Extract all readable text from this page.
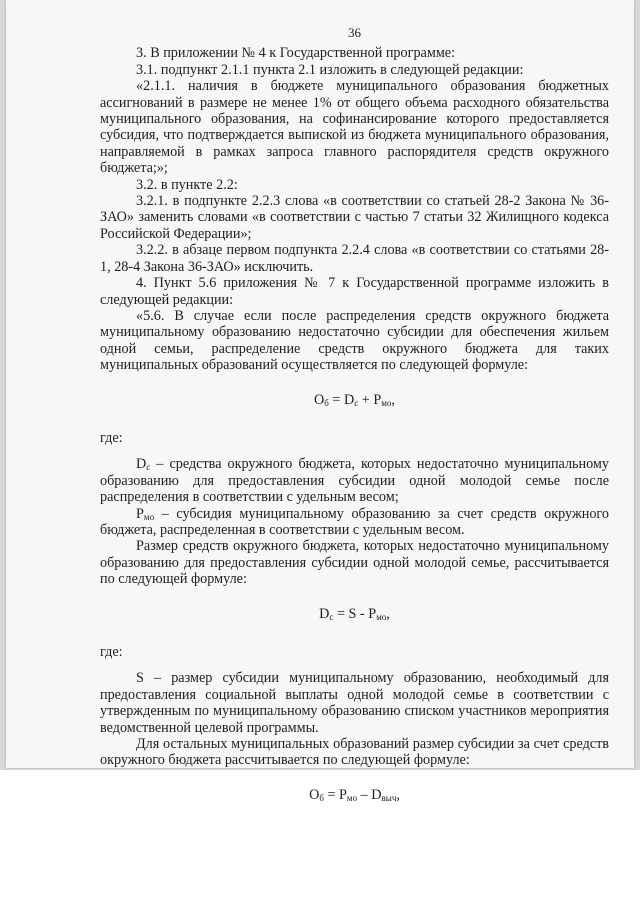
36

3. В приложении № 4 к Государственной программе:

3.1. подпункт 2.1.1 пункта 2.1 изложить в следующей редакции:

«2.1.1. наличия в бюджете муниципального образования бюджетных ассигнований в размере не менее 1% от общего объема расходного обязательства муниципального образования, на софинансирование которого предоставляется субсидия, что подтверждается выпиской из бюджета муниципального образования, направляемой в рамках запроса главного распорядителя средств окружного бюджета;»;

3.2. в пункте 2.2:

3.2.1. в подпункте 2.2.3 слова «в соответствии со статьей 28-2 Закона № 36-ЗАО» заменить словами «в соответствии с частью 7 статьи 32 Жилищного кодекса Российской Федерации»;

3.2.2. в абзаце первом подпункта 2.2.4 слова «в соответствии со статьями 28-1, 28-4 Закона 36-ЗАО» исключить.

4. Пункт 5.6 приложения № 7 к Государственной программе изложить в следующей редакции:

«5.6. В случае если после распределения средств окружного бюджета муниципальному образованию недостаточно субсидии для обеспечения жильем одной семьи, распределение средств окружного бюджета для таких муниципальных образований осуществляется по следующей формуле:

$О_б = D_c + Р_{мо}$,

где:

$D_c$ – средства окружного бюджета, которых недостаточно муниципальному образованию для предоставления субсидии одной молодой семье после распределения в соответствии с удельным весом;

$Р_{мо}$ – субсидия муниципальному образованию за счет средств окружного бюджета, распределенная в соответствии с удельным весом.

Размер средств окружного бюджета, которых недостаточно муниципальному образованию для предоставления субсидии одной молодой семье, рассчитывается по следующей формуле:

$D_c = S - Р_{мо}$,

где:

S – размер субсидии муниципальному образованию, необходимый для предоставления социальной выплаты одной молодой семье в соответствии с утвержденным по муниципальному образованию списком участников мероприятия ведомственной целевой программы.

Для остальных муниципальных образований размер субсидии за счет средств окружного бюджета рассчитывается по следующей формуле:

$О_б = Р_{мо} - D_{выч}$,
